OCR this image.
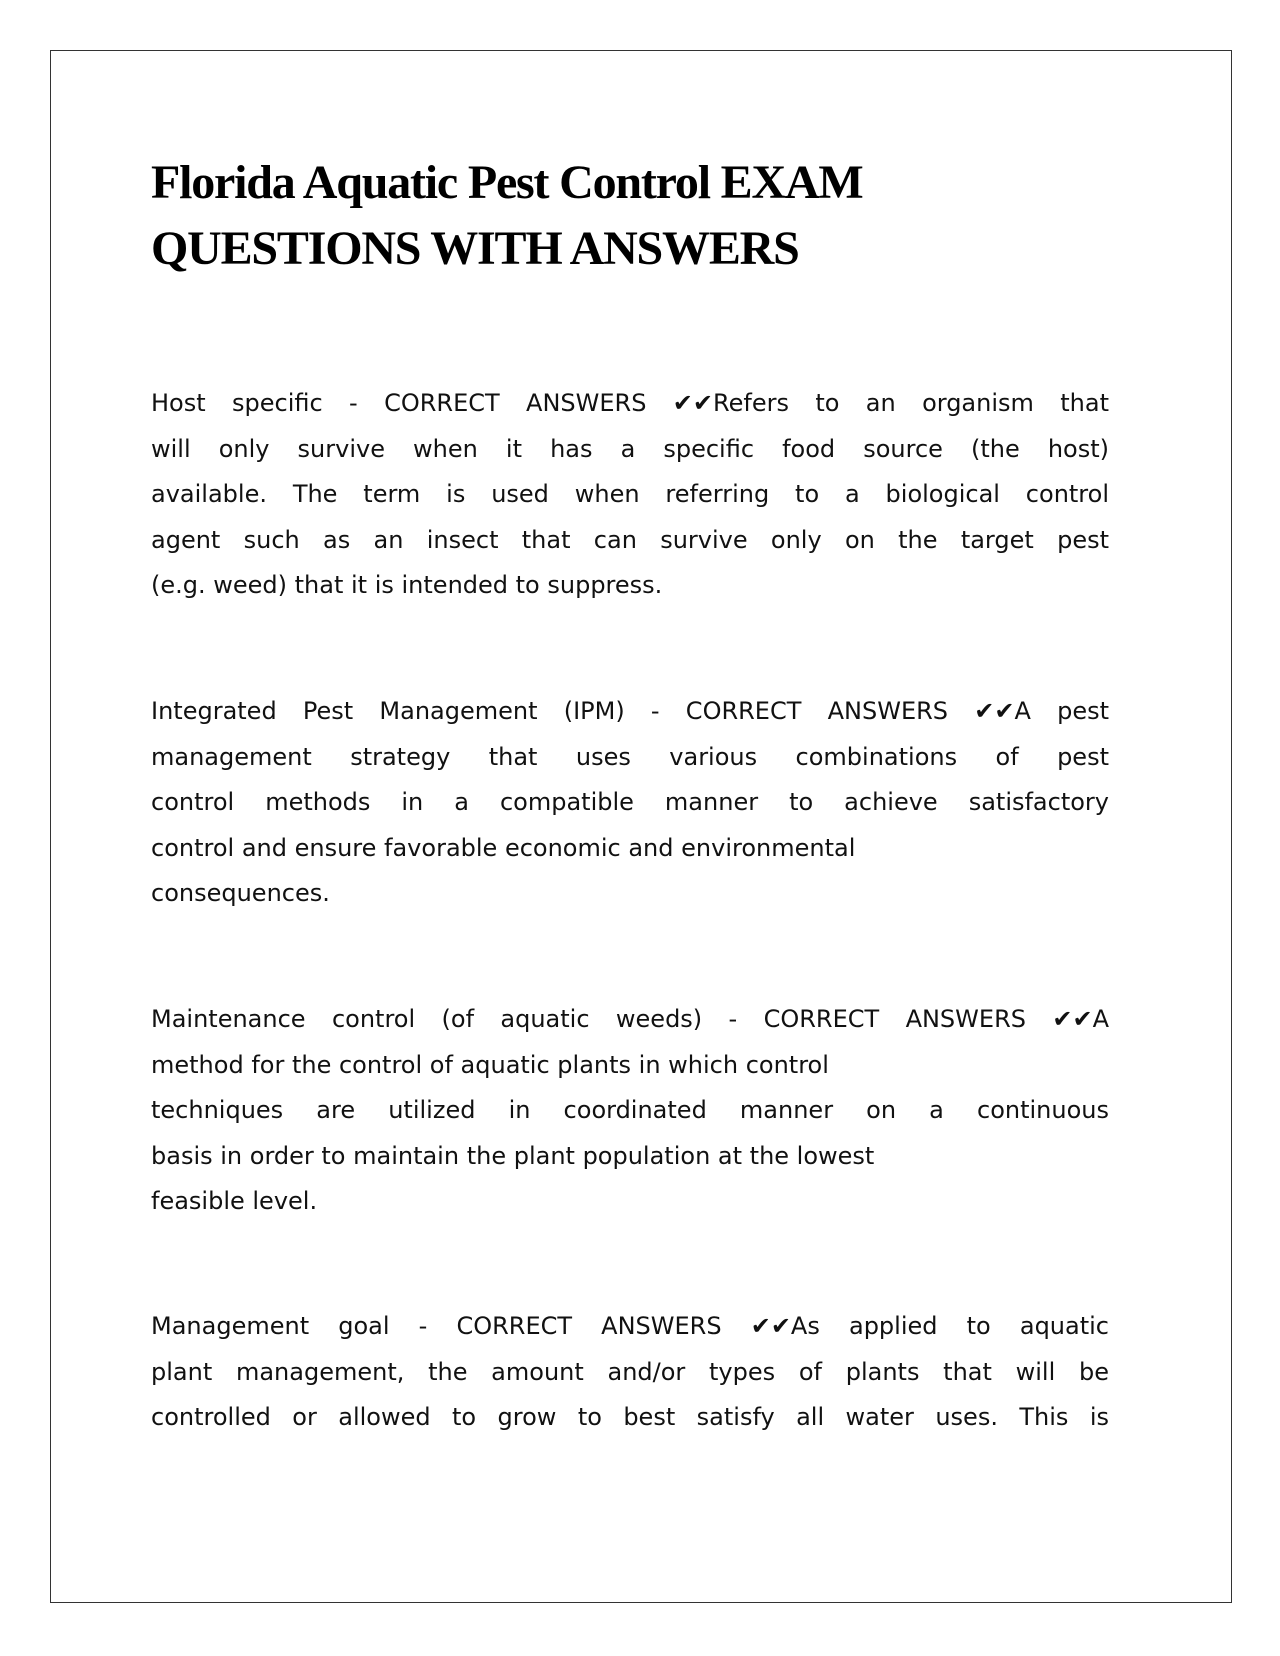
Florida Aquatic Pest Control EXAM
QUESTIONS WITH ANSWERS
Host specific - CORRECT ANSWERS ✔✔Refers to an organism that
will only survive when it has a specific food source (the host)
available. The term is used when referring to a biological control
agent such as an insect that can survive only on the target pest
(e.g. weed) that it is intended to suppress.
Integrated Pest Management (IPM) - CORRECT ANSWERS ✔✔A pest
management strategy that uses various combinations of pest
control methods in a compatible manner to achieve satisfactory
control and ensure favorable economic and environmental
consequences.
Maintenance control (of aquatic weeds) - CORRECT ANSWERS ✔✔A
method for the control of aquatic plants in which control
techniques are utilized in coordinated manner on a continuous
basis in order to maintain the plant population at the lowest
feasible level.
Management goal - CORRECT ANSWERS ✔✔As applied to aquatic
plant management, the amount and/or types of plants that will be
controlled or allowed to grow to best satisfy all water uses. This is
